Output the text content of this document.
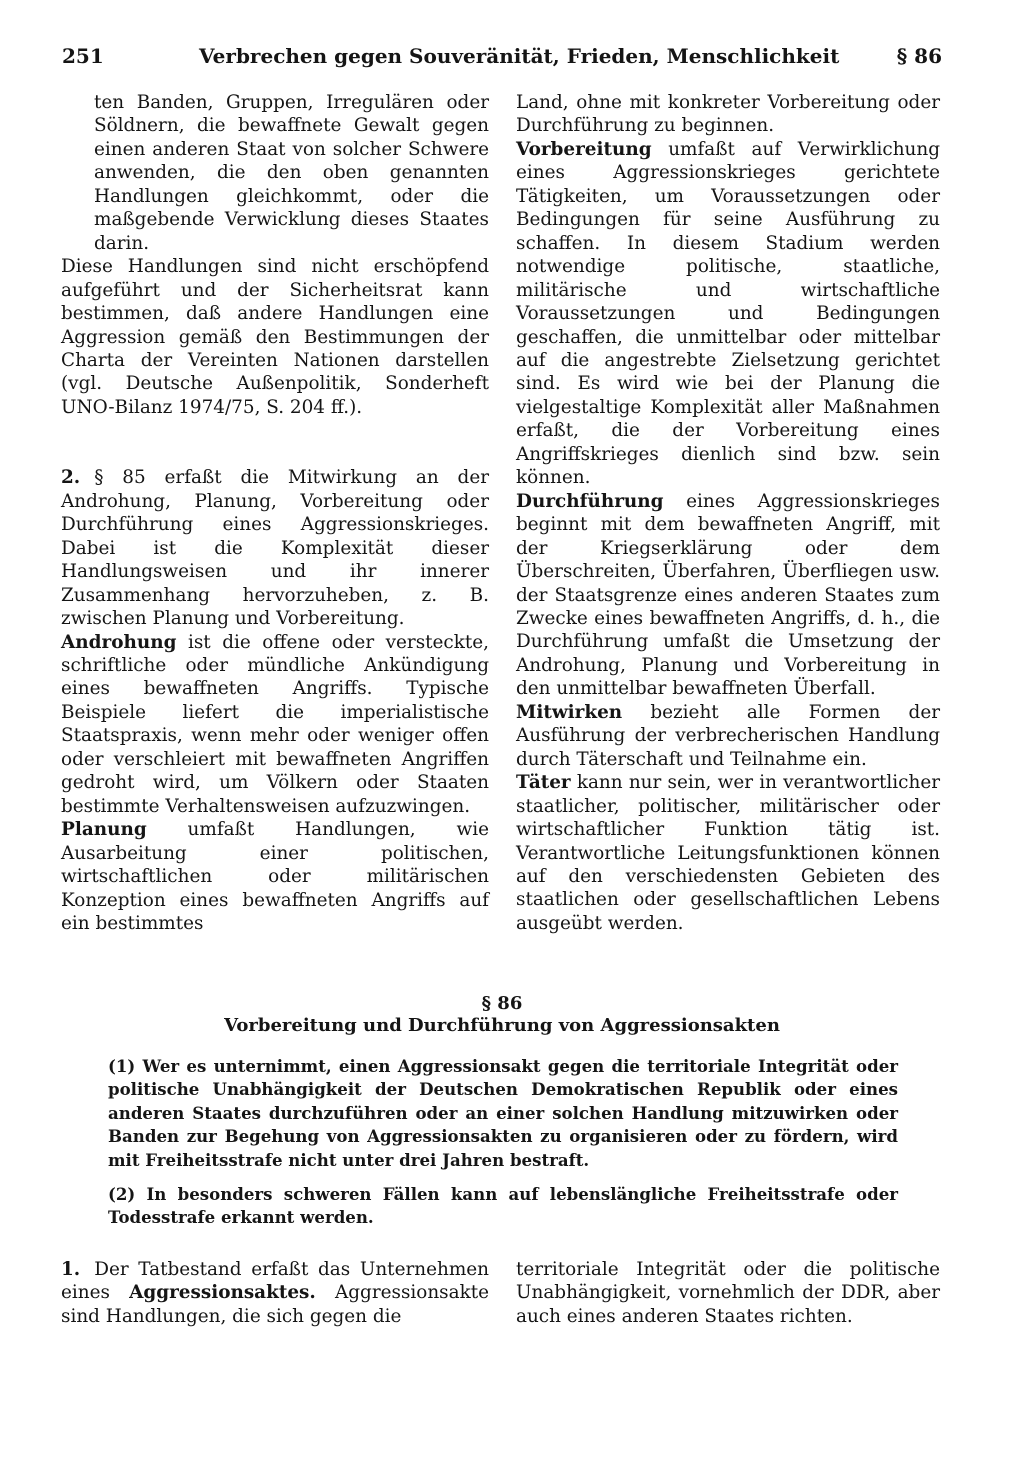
251	Verbrechen gegen Souveränität, Frieden, Menschlichkeit	§ 86

ten Banden, Gruppen, Irregulären oder Söldnern, die bewaffnete Gewalt gegen einen anderen Staat von solcher Schwere anwenden, die den oben genannten Handlungen gleichkommt, oder die maßgebende Verwicklung dieses Staates darin.

Diese Handlungen sind nicht erschöpfend aufgeführt und der Sicherheitsrat kann bestimmen, daß andere Handlungen eine Aggression gemäß den Bestimmungen der Charta der Vereinten Nationen darstellen (vgl. Deutsche Außenpolitik, Sonderheft UNO-Bilanz 1974/75, S. 204 ff.).

2. § 85 erfaßt die Mitwirkung an der Androhung, Planung, Vorbereitung oder Durchführung eines Aggressionskrieges. Dabei ist die Komplexität dieser Handlungsweisen und ihr innerer Zusammenhang hervorzuheben, z. B. zwischen Planung und Vorbereitung.

Androhung ist die offene oder versteckte, schriftliche oder mündliche Ankündigung eines bewaffneten Angriffs. Typische Beispiele liefert die imperialistische Staatspraxis, wenn mehr oder weniger offen oder verschleiert mit bewaffneten Angriffen gedroht wird, um Völkern oder Staaten bestimmte Verhaltensweisen aufzuzwingen.

Planung umfaßt Handlungen, wie Ausarbeitung einer politischen, wirtschaftlichen oder militärischen Konzeption eines bewaffneten Angriffs auf ein bestimmtes

Land, ohne mit konkreter Vorbereitung oder Durchführung zu beginnen.

Vorbereitung umfaßt auf Verwirklichung eines Aggressionskrieges gerichtete Tätigkeiten, um Voraussetzungen oder Bedingungen für seine Ausführung zu schaffen. In diesem Stadium werden notwendige politische, staatliche, militärische und wirtschaftliche Voraussetzungen und Bedingungen geschaffen, die unmittelbar oder mittelbar auf die angestrebte Zielsetzung gerichtet sind. Es wird wie bei der Planung die vielgestaltige Komplexität aller Maßnahmen erfaßt, die der Vorbereitung eines Angriffskrieges dienlich sind bzw. sein können.

Durchführung eines Aggressionskrieges beginnt mit dem bewaffneten Angriff, mit der Kriegserklärung oder dem Überschreiten, Überfahren, Überfliegen usw. der Staatsgrenze eines anderen Staates zum Zwecke eines bewaffneten Angriffs, d. h., die Durchführung umfaßt die Umsetzung der Androhung, Planung und Vorbereitung in den unmittelbar bewaffneten Überfall.

Mitwirken bezieht alle Formen der Ausführung der verbrecherischen Handlung durch Täterschaft und Teilnahme ein.

Täter kann nur sein, wer in verantwortlicher staatlicher, politischer, militärischer oder wirtschaftlicher Funktion tätig ist. Verantwortliche Leitungsfunktionen können auf den verschiedensten Gebieten des staatlichen oder gesellschaftlichen Lebens ausgeübt werden.

§ 86
Vorbereitung und Durchführung von Aggressionsakten

(1) Wer es unternimmt, einen Aggressionsakt gegen die territoriale Integrität oder politische Unabhängigkeit der Deutschen Demokratischen Republik oder eines anderen Staates durchzuführen oder an einer solchen Handlung mitzuwirken oder Banden zur Begehung von Aggressionsakten zu organisieren oder zu fördern, wird mit Freiheitsstrafe nicht unter drei Jahren bestraft.

(2) In besonders schweren Fällen kann auf lebenslängliche Freiheitsstrafe oder Todesstrafe erkannt werden.

1. Der Tatbestand erfaßt das Unternehmen eines Aggressionsaktes. Aggressionsakte sind Handlungen, die sich gegen die

territoriale Integrität oder die politische Unabhängigkeit, vornehmlich der DDR, aber auch eines anderen Staates richten.
